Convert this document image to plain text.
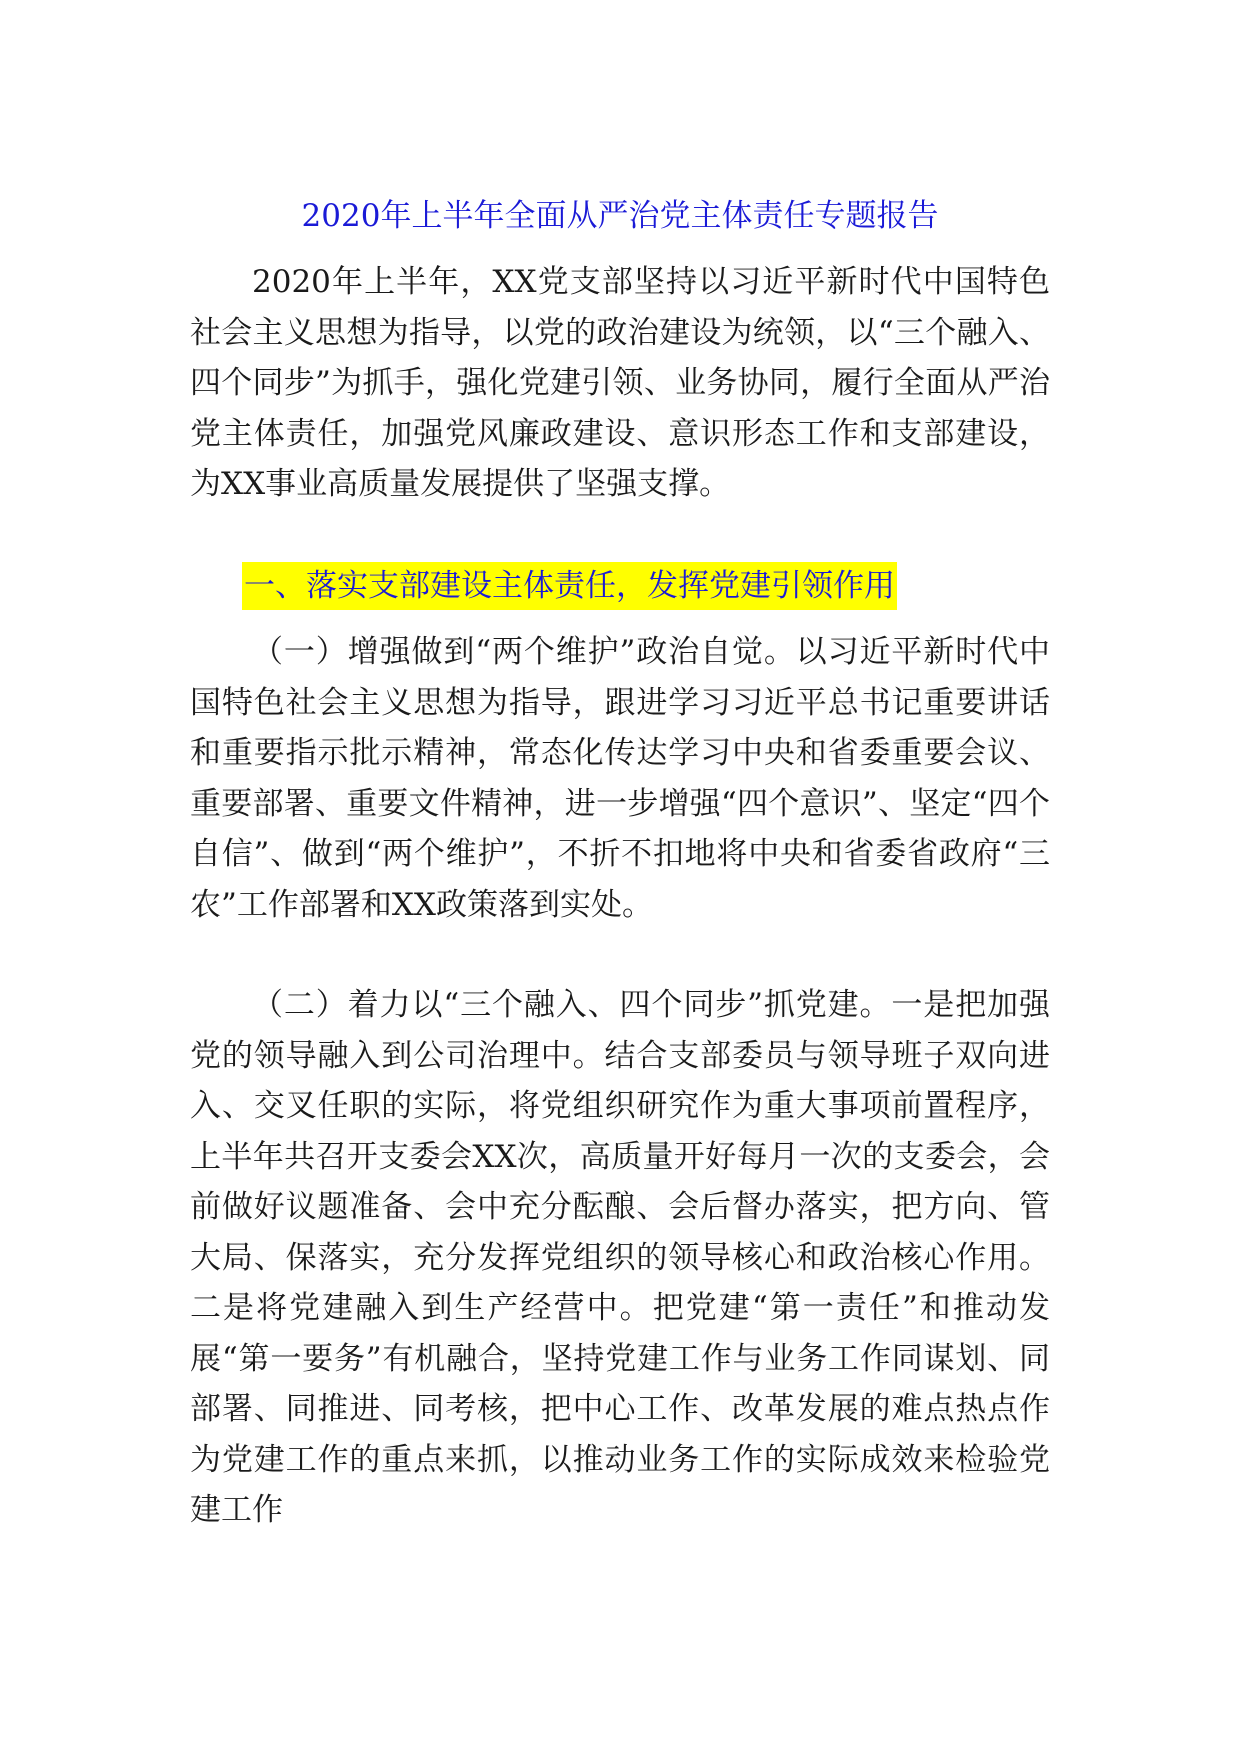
2020年上半年全面从严治党主体责任专题报告

2020年上半年，XX党支部坚持以习近平新时代中国特色社会主义思想为指导，以党的政治建设为统领，以“三个融入、四个同步”为抓手，强化党建引领、业务协同，履行全面从严治党主体责任，加强党风廉政建设、意识形态工作和支部建设，为XX事业高质量发展提供了坚强支撑。

一、落实支部建设主体责任，发挥党建引领作用

（一）增强做到“两个维护”政治自觉。以习近平新时代中国特色社会主义思想为指导，跟进学习习近平总书记重要讲话和重要指示批示精神，常态化传达学习中央和省委重要会议、重要部署、重要文件精神，进一步增强“四个意识”、坚定“四个自信”、做到“两个维护”，不折不扣地将中央和省委省政府“三农”工作部署和XX政策落到实处。

（二）着力以“三个融入、四个同步”抓党建。一是把加强党的领导融入到公司治理中。结合支部委员与领导班子双向进入、交叉任职的实际，将党组织研究作为重大事项前置程序，上半年共召开支委会XX次，高质量开好每月一次的支委会，会前做好议题准备、会中充分酝酿、会后督办落实，把方向、管大局、保落实，充分发挥党组织的领导核心和政治核心作用。二是将党建融入到生产经营中。把党建“第一责任”和推动发展“第一要务”有机融合，坚持党建工作与业务工作同谋划、同部署、同推进、同考核，把中心工作、改革发展的难点热点作为党建工作的重点来抓，以推动业务工作的实际成效来检验党建工作
